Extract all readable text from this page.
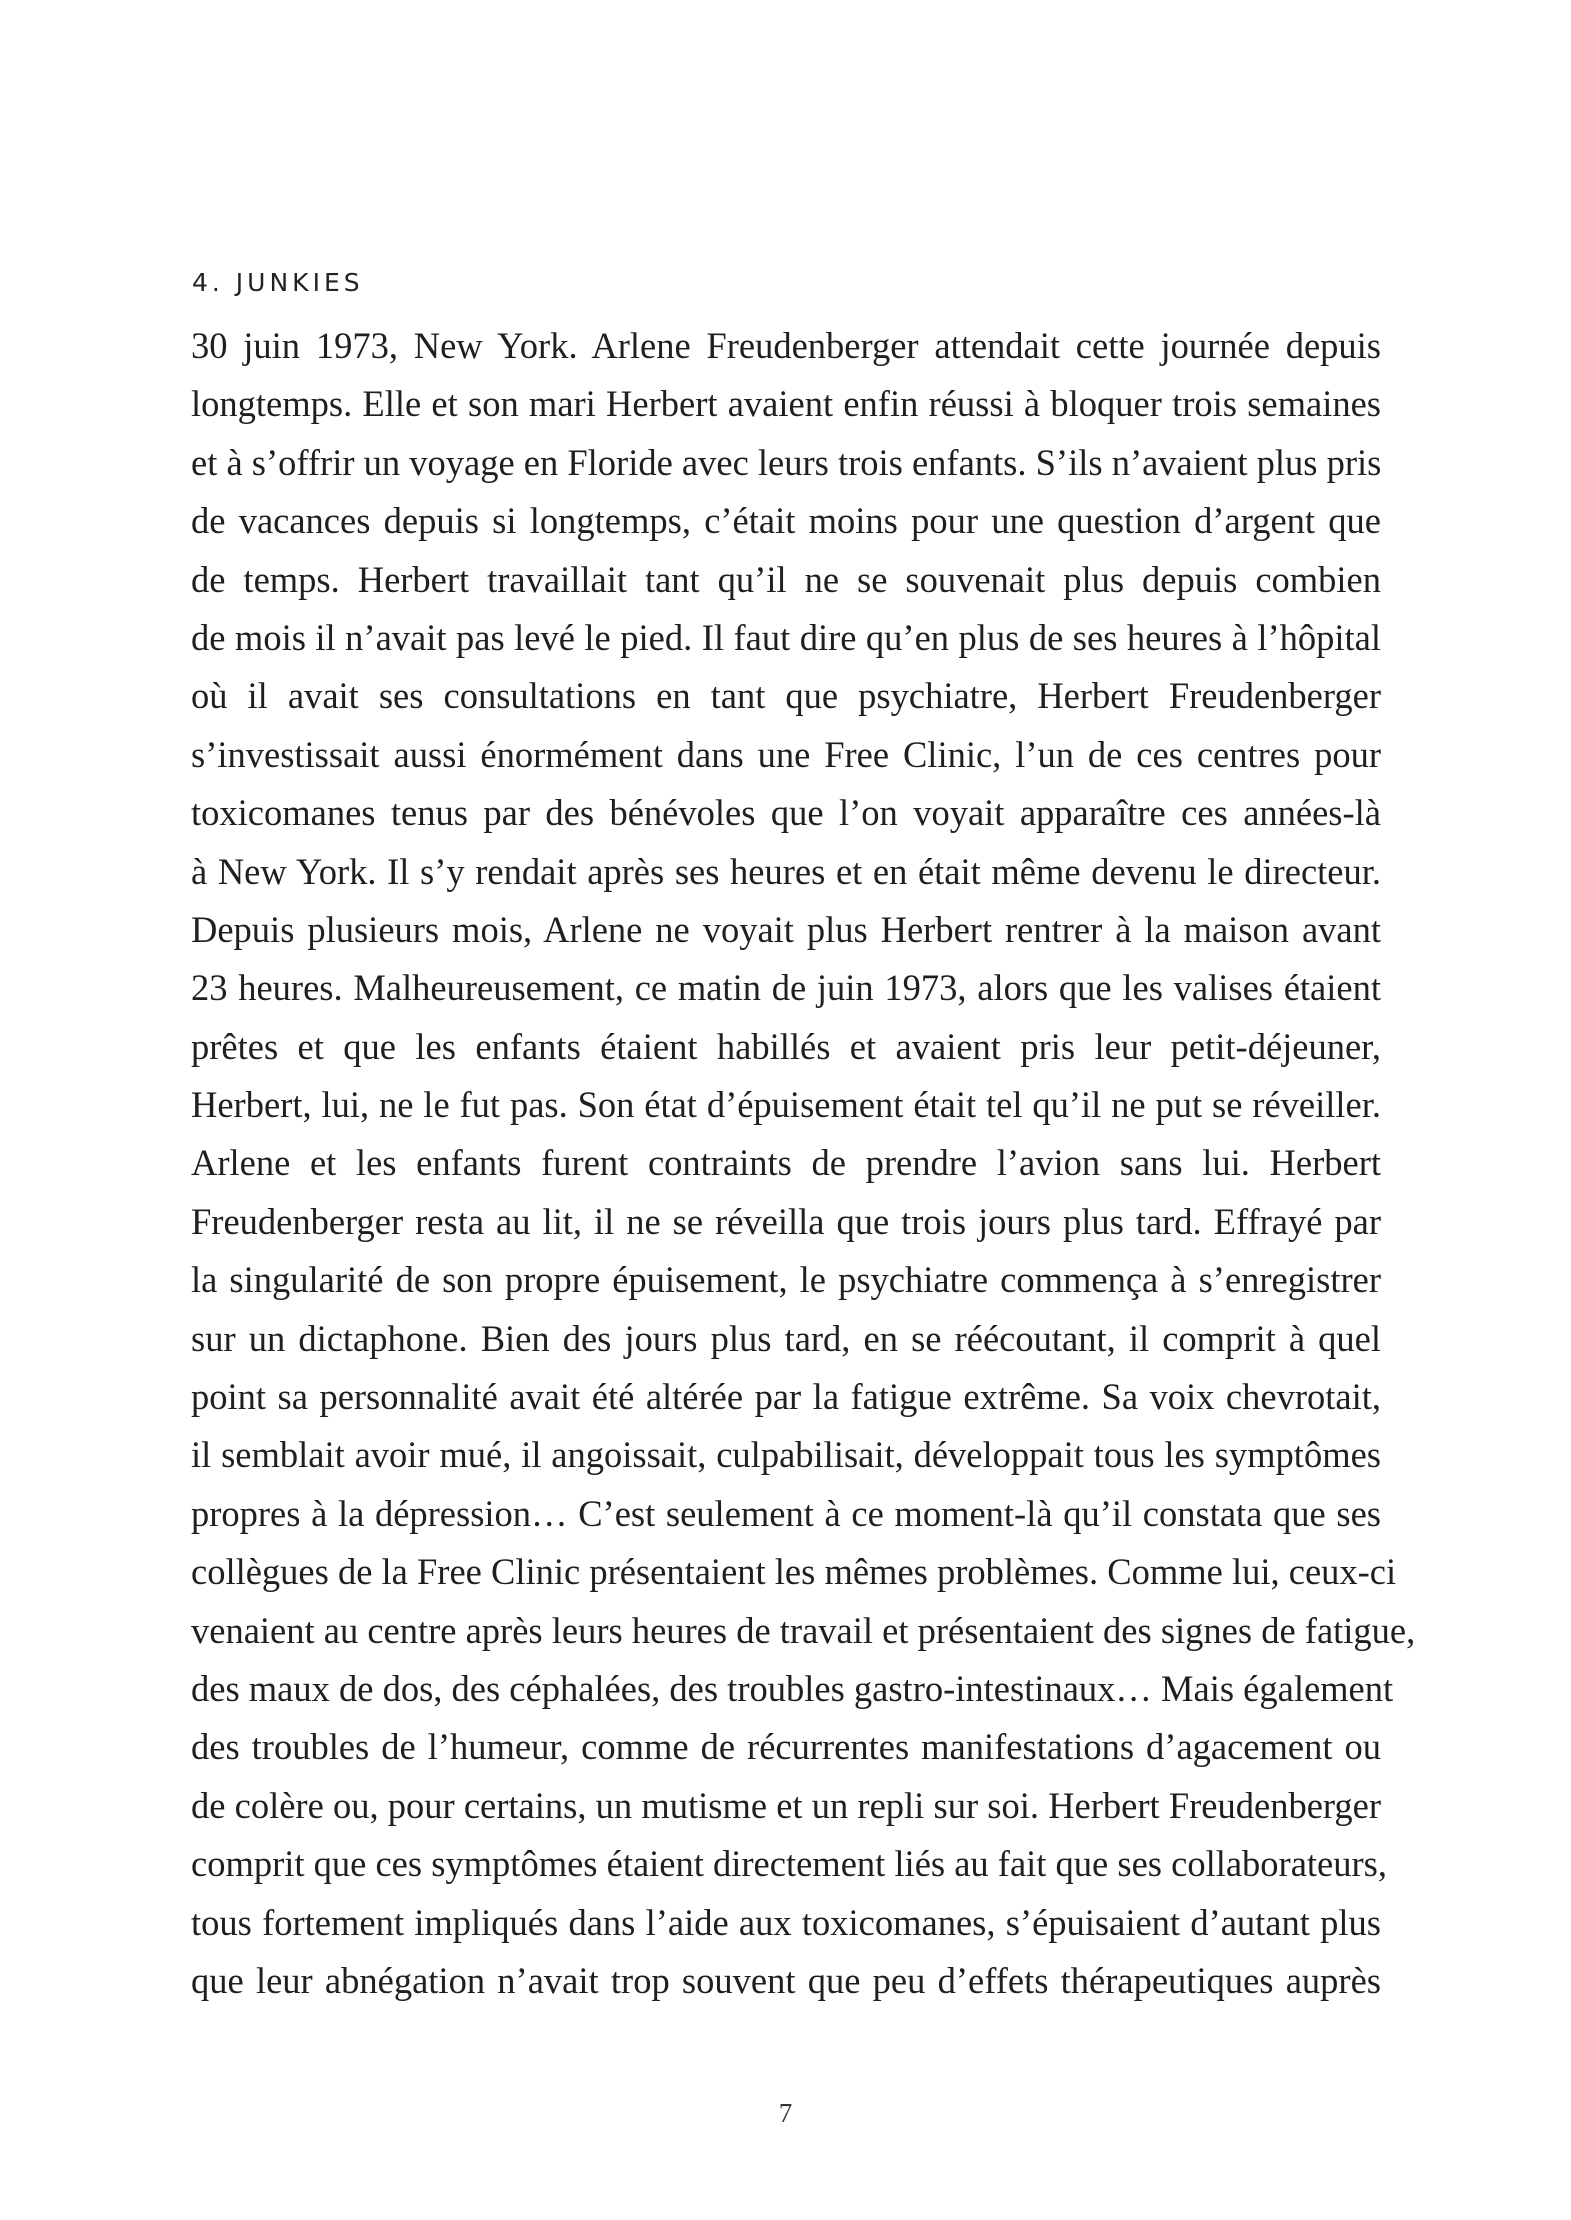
4. JUNKIES
30 juin 1973, New York. Arlene Freudenberger attendait cette journée depuis
longtemps. Elle et son mari Herbert avaient enfin réussi à bloquer trois semaines
et à s’offrir un voyage en Floride avec leurs trois enfants. S’ils n’avaient plus pris
de vacances depuis si longtemps, c’était moins pour une question d’argent que
de temps. Herbert travaillait tant qu’il ne se souvenait plus depuis combien
de mois il n’avait pas levé le pied. Il faut dire qu’en plus de ses heures à l’hôpital
où il avait ses consultations en tant que psychiatre, Herbert Freudenberger
s’investissait aussi énormément dans une Free Clinic, l’un de ces centres pour
toxicomanes tenus par des bénévoles que l’on voyait apparaître ces années-là
à New York. Il s’y rendait après ses heures et en était même devenu le directeur.
Depuis plusieurs mois, Arlene ne voyait plus Herbert rentrer à la maison avant
23 heures. Malheureusement, ce matin de juin 1973, alors que les valises étaient
prêtes et que les enfants étaient habillés et avaient pris leur petit-déjeuner,
Herbert, lui, ne le fut pas. Son état d’épuisement était tel qu’il ne put se réveiller.
Arlene et les enfants furent contraints de prendre l’avion sans lui. Herbert
Freudenberger resta au lit, il ne se réveilla que trois jours plus tard. Effrayé par
la singularité de son propre épuisement, le psychiatre commença à s’enregistrer
sur un dictaphone. Bien des jours plus tard, en se réécoutant, il comprit à quel
point sa personnalité avait été altérée par la fatigue extrême. Sa voix chevrotait,
il semblait avoir mué, il angoissait, culpabilisait, développait tous les symptômes
propres à la dépression… C’est seulement à ce moment-là qu’il constata que ses
collègues de la Free Clinic présentaient les mêmes problèmes. Comme lui, ceux-ci
venaient au centre après leurs heures de travail et présentaient des signes de fatigue,
des maux de dos, des céphalées, des troubles gastro-intestinaux… Mais également
des troubles de l’humeur, comme de récurrentes manifestations d’agacement ou
de colère ou, pour certains, un mutisme et un repli sur soi. Herbert Freudenberger
comprit que ces symptômes étaient directement liés au fait que ses collaborateurs,
tous fortement impliqués dans l’aide aux toxicomanes, s’épuisaient d’autant plus
que leur abnégation n’avait trop souvent que peu d’effets thérapeutiques auprès
7
